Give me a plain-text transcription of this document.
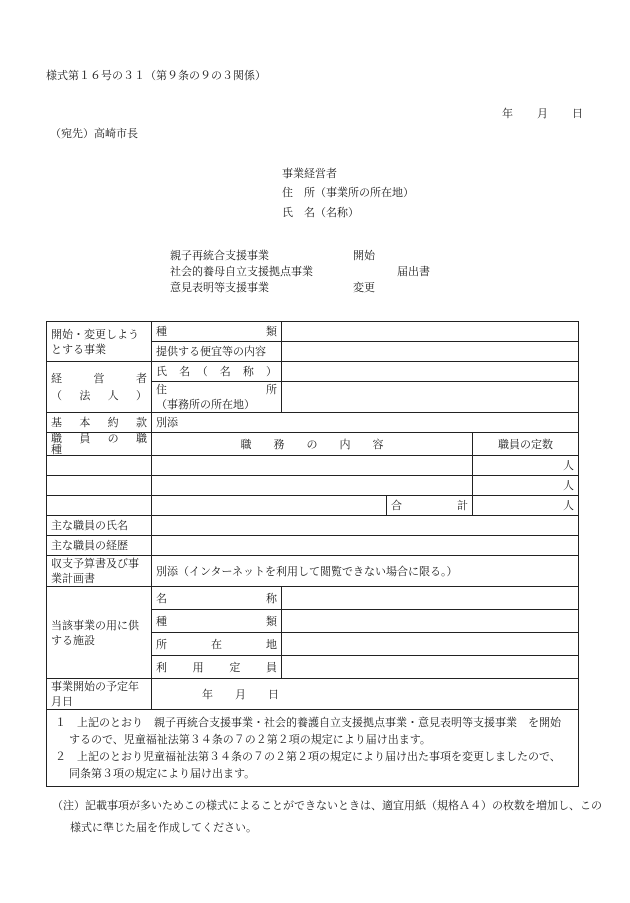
様式第１６号の３１（第９条の９の３関係）
年 月 日
（宛先）高崎市長
事業経営者
住　所（事業所の所在地）
氏　名（名称）
親子再統合支援事業
社会的養母自立支援拠点事業
意見表明等支援事業
開始
届出書
変更
開始・変更しようとする事業	種　　　　類			
	提供する便宜等の内容			

経　　営　　者
（　法　人　）	氏　名　（　名　称　）			

	住　　　　　所
（事務所の所在地）			

基　本　約　款	別添			
職　員　の　職　種	職　　務　　の　　内　　容			職員の定数
				人
				人
			合　　　計	人
主な職員の氏名				
主な職員の経歴				
収支予算書及び事業計画書	別添（インターネットを利用して閲覧できない場合に限る。）			
当該事業の用に供する施設	名　　　　　称			
	種　　　　　類			
	所　　在　　地			
	利　用　定　員			
事業開始の予定年月日	年　　月　　日			

１　上記のとおり　親子再統合支援事業・社会的養護自立支援拠点事業・意見表明等支援事業　を開始するので、児童福祉法第３４条の７の２第２項の規定により届け出ます。

２　上記のとおり児童福祉法第３４条の７の２第２項の規定により届け出た事項を変更しましたので、同条第３項の規定により届け出ます。				

（注）記載事項が多いためこの様式によることができないときは、適宜用紙（規格Ａ４）の枚数を増加し、この様式に準じた届を作成してください。
